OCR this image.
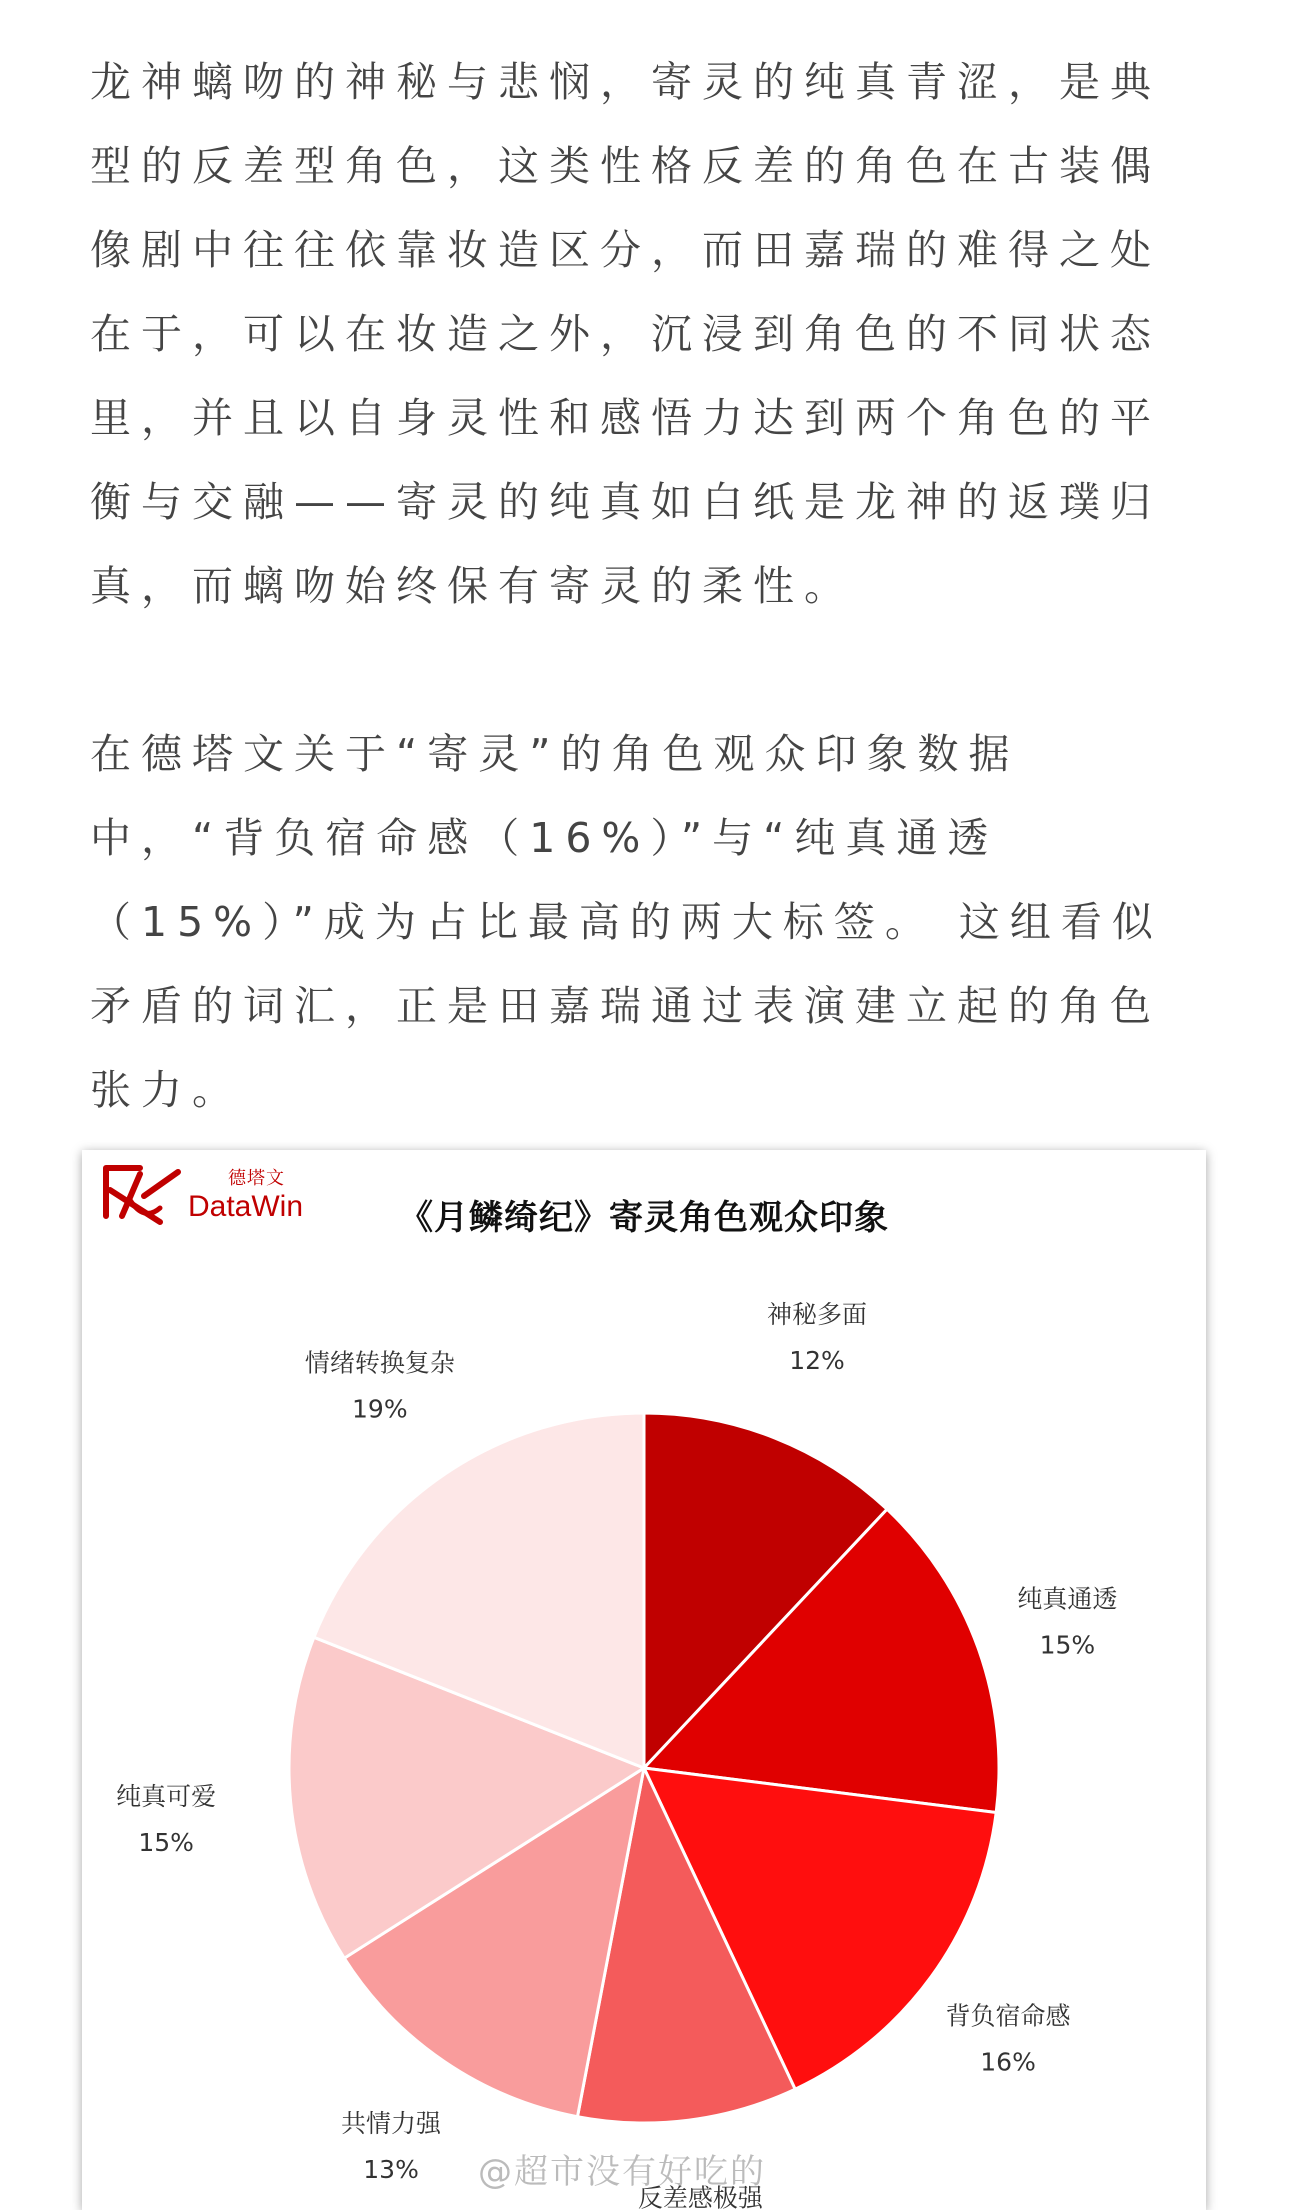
龙神螭吻的神秘与悲悯，寄灵的纯真青涩，是典型的反差型角色，这类性格反差的角色在古装偶像剧中往往依靠妆造区分，而田嘉瑞的难得之处在于，可以在妆造之外，沉浸到角色的不同状态里，并且以自身灵性和感悟力达到两个角色的平衡与交融——寄灵的纯真如白纸是龙神的返璞归真，而螭吻始终保有寄灵的柔性。

在德塔文关于“寄灵”的角色观众印象数据中，“背负宿命感（16%）”与“纯真通透（15%）”成为占比最高的两大标签。 这组看似矛盾的词汇，正是田嘉瑞通过表演建立起的角色张力。

德塔文
DataWin	《月鳞绮纪》寄灵角色观众印象
神秘多面
12%
纯真通透
15%
背负宿命感
16%
反差感极强
共情力强
13%
纯真可爱
15%
情绪转换复杂
19%
@超市没有好吃的
